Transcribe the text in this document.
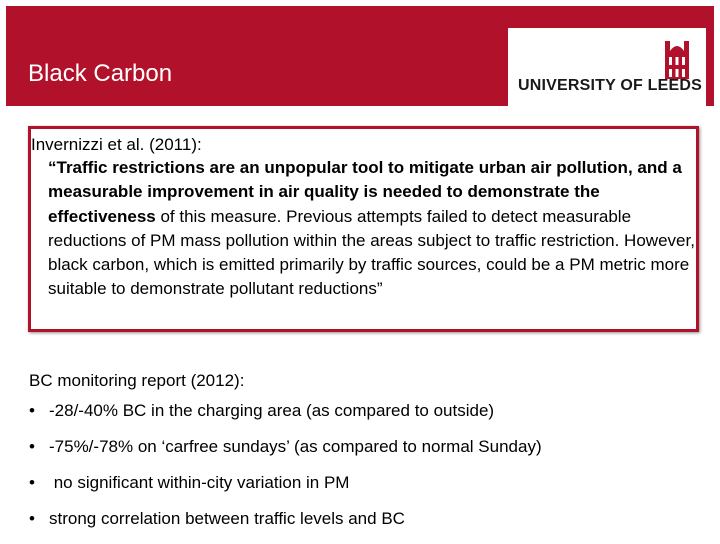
Black Carbon	UNIVERSITY OF LEEDS
Invernizzi et al. (2011):
“Traffic restrictions are an unpopular tool to mitigate urban air pollution, and a measurable improvement in air quality is needed to demonstrate the effectiveness of this measure. Previous attempts failed to detect measurable reductions of PM mass pollution within the areas subject to traffic restriction. However, black carbon, which is emitted primarily by traffic sources, could be a PM metric more suitable to demonstrate pollutant reductions”
BC monitoring report (2012):
• -28/-40% BC in the charging area (as compared to outside)
• -75%/-78% on ‘carfree sundays’ (as compared to normal Sunday)
• no significant within-city variation in PM
• strong correlation between traffic levels and BC
